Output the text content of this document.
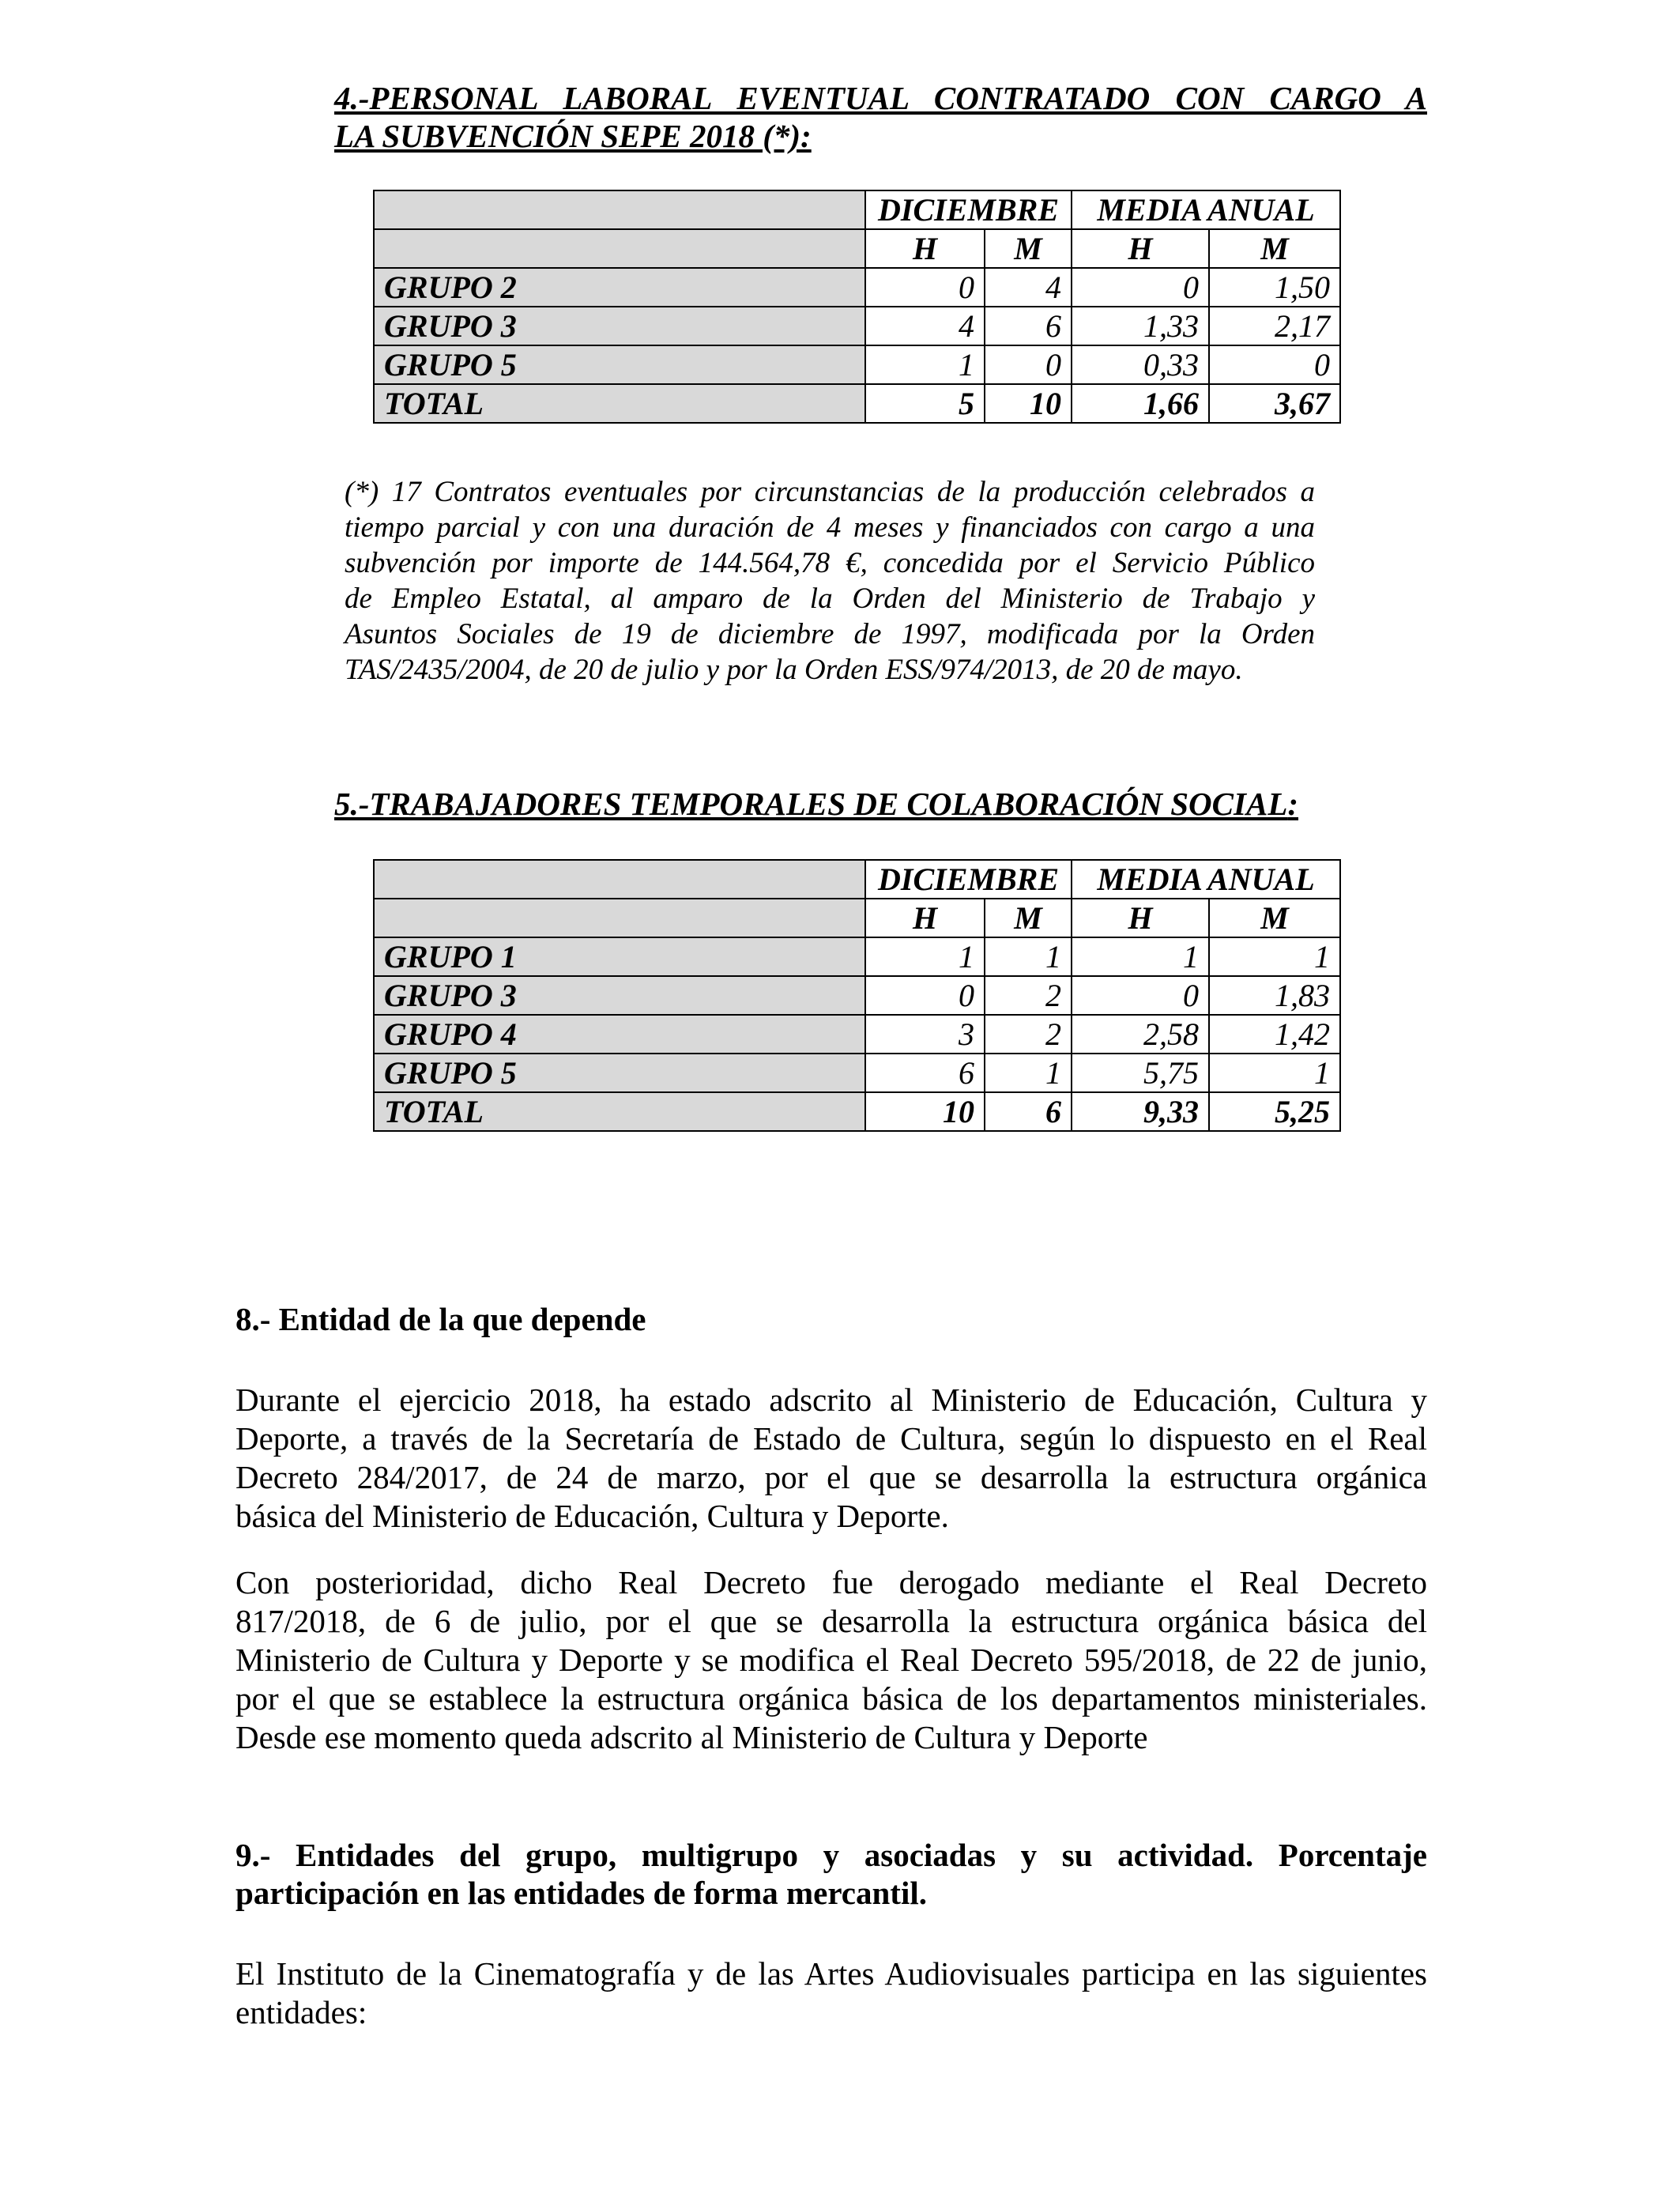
4.-PERSONAL LABORAL EVENTUAL CONTRATADO CON CARGO A
LA SUBVENCIÓN SEPE 2018 (*):
	DICIEMBRE		MEDIA ANUAL	
	H	M	H	M
GRUPO 2	0	4	0	1,50
GRUPO 3	4	6	1,33	2,17
GRUPO 5	1	0	0,33	0
TOTAL	5	10	1,66	3,67
(*) 17 Contratos eventuales por circunstancias de la producción celebrados a
tiempo parcial y con una duración de 4 meses y financiados con cargo a una
subvención por importe de 144.564,78 €, concedida por el Servicio Público
de Empleo Estatal, al amparo de la Orden del Ministerio de Trabajo y
Asuntos Sociales de 19 de diciembre de 1997, modificada por la Orden
TAS/2435/2004, de 20 de julio y por la Orden ESS/974/2013, de 20 de mayo.
5.-TRABAJADORES TEMPORALES DE COLABORACIÓN SOCIAL:
	DICIEMBRE		MEDIA ANUAL	
	H	M	H	M
GRUPO 1	1	1	1	1
GRUPO 3	0	2	0	1,83
GRUPO 4	3	2	2,58	1,42
GRUPO 5	6	1	5,75	1
TOTAL	10	6	9,33	5,25
8.- Entidad de la que depende
Durante el ejercicio 2018, ha estado adscrito al Ministerio de Educación, Cultura y
Deporte, a través de la Secretaría de Estado de Cultura, según lo dispuesto en el Real
Decreto 284/2017, de 24 de marzo, por el que se desarrolla la estructura orgánica
básica del Ministerio de Educación, Cultura y Deporte.
Con posterioridad, dicho Real Decreto fue derogado mediante el Real Decreto
817/2018, de 6 de julio, por el que se desarrolla la estructura orgánica básica del
Ministerio de Cultura y Deporte y se modifica el Real Decreto 595/2018, de 22 de junio,
por el que se establece la estructura orgánica básica de los departamentos ministeriales.
Desde ese momento queda adscrito al Ministerio de Cultura y Deporte
9.- Entidades del grupo, multigrupo y asociadas y su actividad. Porcentaje
participación en las entidades de forma mercantil.
El Instituto de la Cinematografía y de las Artes Audiovisuales participa en las siguientes
entidades:
